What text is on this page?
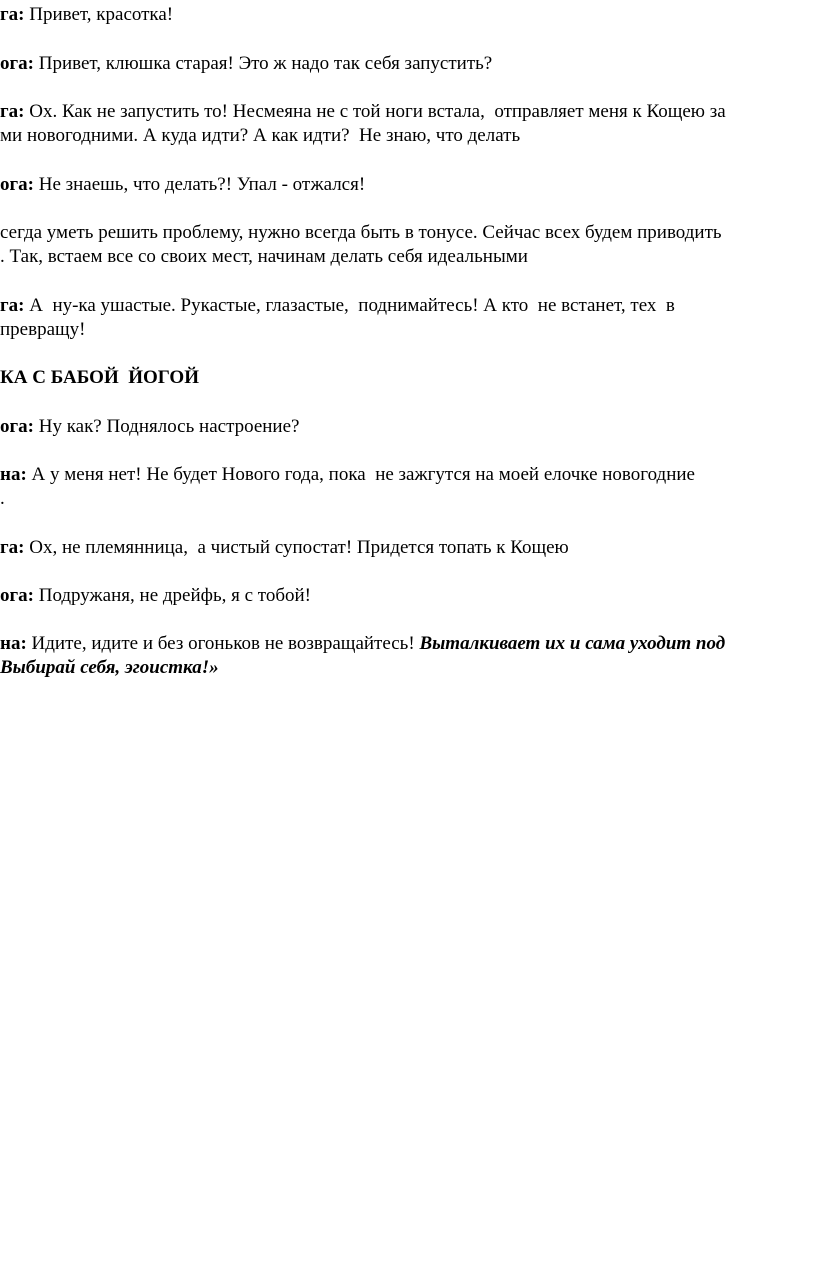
га: Привет, красотка!
ога: Привет, клюшка старая! Это ж надо так себя запустить?
га: Ох. Как не запустить то! Несмеяна не с той ноги встала,  отправляет меня к Кощею за
ми новогодними. А куда идти? А как идти?  Не знаю, что делать
ога: Не знаешь, что делать?! Упал - отжался!
сегда уметь решить проблему, нужно всегда быть в тонусе. Сейчас всех будем приводить
. Так, встаем все со своих мест, начинам делать себя идеальными
га: А  ну-ка ушастые. Рукастые, глазастые,  поднимайтесь! А кто  не встанет, тех  в
превращу!
КА С БАБОЙ  ЙОГОЙ
ога: Ну как? Поднялось настроение?
на: А у меня нет! Не будет Нового года, пока  не зажгутся на моей елочке новогодние
.
га: Ох, не племянница,  а чистый супостат! Придется топать к Кощею
ога: Подружаня, не дрейфь, я с тобой!
на: Идите, идите и без огоньков не возвращайтесь! Выталкивает их и сама уходит под
Выбирай себя, эгоистка!»
